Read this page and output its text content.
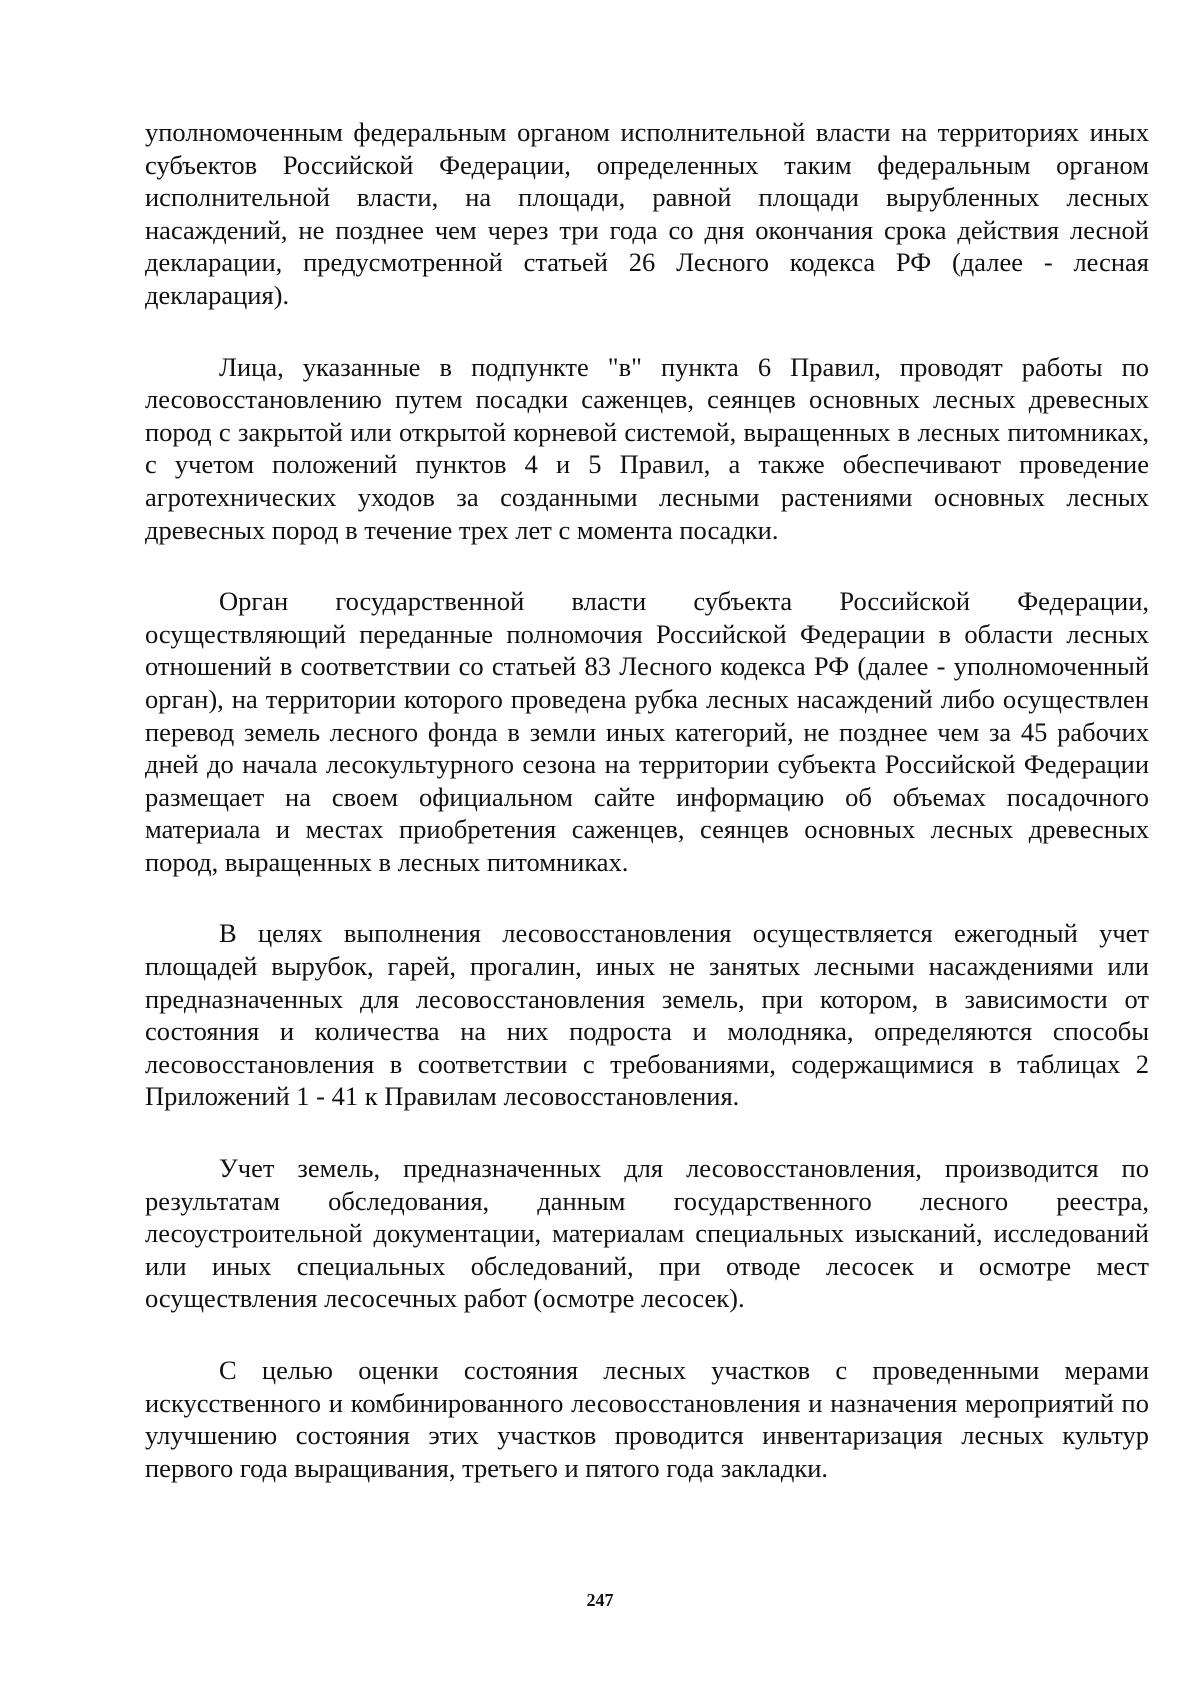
уполномоченным федеральным органом исполнительной власти на территориях иных субъектов Российской Федерации, определенных таким федеральным органом исполнительной власти, на площади, равной площади вырубленных лесных насаждений, не позднее чем через три года со дня окончания срока действия лесной декларации, предусмотренной статьей 26 Лесного кодекса РФ (далее - лесная декларация).

Лица, указанные в подпункте "в" пункта 6 Правил, проводят работы по лесовосстановлению путем посадки саженцев, сеянцев основных лесных древесных пород с закрытой или открытой корневой системой, выращенных в лесных питомниках, с учетом положений пунктов 4 и 5 Правил, а также обеспечивают проведение агротехнических уходов за созданными лесными растениями основных лесных древесных пород в течение трех лет с момента посадки.

Орган государственной власти субъекта Российской Федерации, осуществляющий переданные полномочия Российской Федерации в области лесных отношений в соответствии со статьей 83 Лесного кодекса РФ (далее - уполномоченный орган), на территории которого проведена рубка лесных насаждений либо осуществлен перевод земель лесного фонда в земли иных категорий, не позднее чем за 45 рабочих дней до начала лесокультурного сезона на территории субъекта Российской Федерации размещает на своем официальном сайте информацию об объемах посадочного материала и местах приобретения саженцев, сеянцев основных лесных древесных пород, выращенных в лесных питомниках.

В целях выполнения лесовосстановления осуществляется ежегодный учет площадей вырубок, гарей, прогалин, иных не занятых лесными насаждениями или предназначенных для лесовосстановления земель, при котором, в зависимости от состояния и количества на них подроста и молодняка, определяются способы лесовосстановления в соответствии с требованиями, содержащимися в таблицах 2 Приложений 1 - 41 к Правилам лесовосстановления.

Учет земель, предназначенных для лесовосстановления, производится по результатам обследования, данным государственного лесного реестра, лесоустроительной документации, материалам специальных изысканий, исследований или иных специальных обследований, при отводе лесосек и осмотре мест осуществления лесосечных работ (осмотре лесосек).

С целью оценки состояния лесных участков с проведенными мерами искусственного и комбинированного лесовосстановления и назначения мероприятий по улучшению состояния этих участков проводится инвентаризация лесных культур первого года выращивания, третьего и пятого года закладки.

247
